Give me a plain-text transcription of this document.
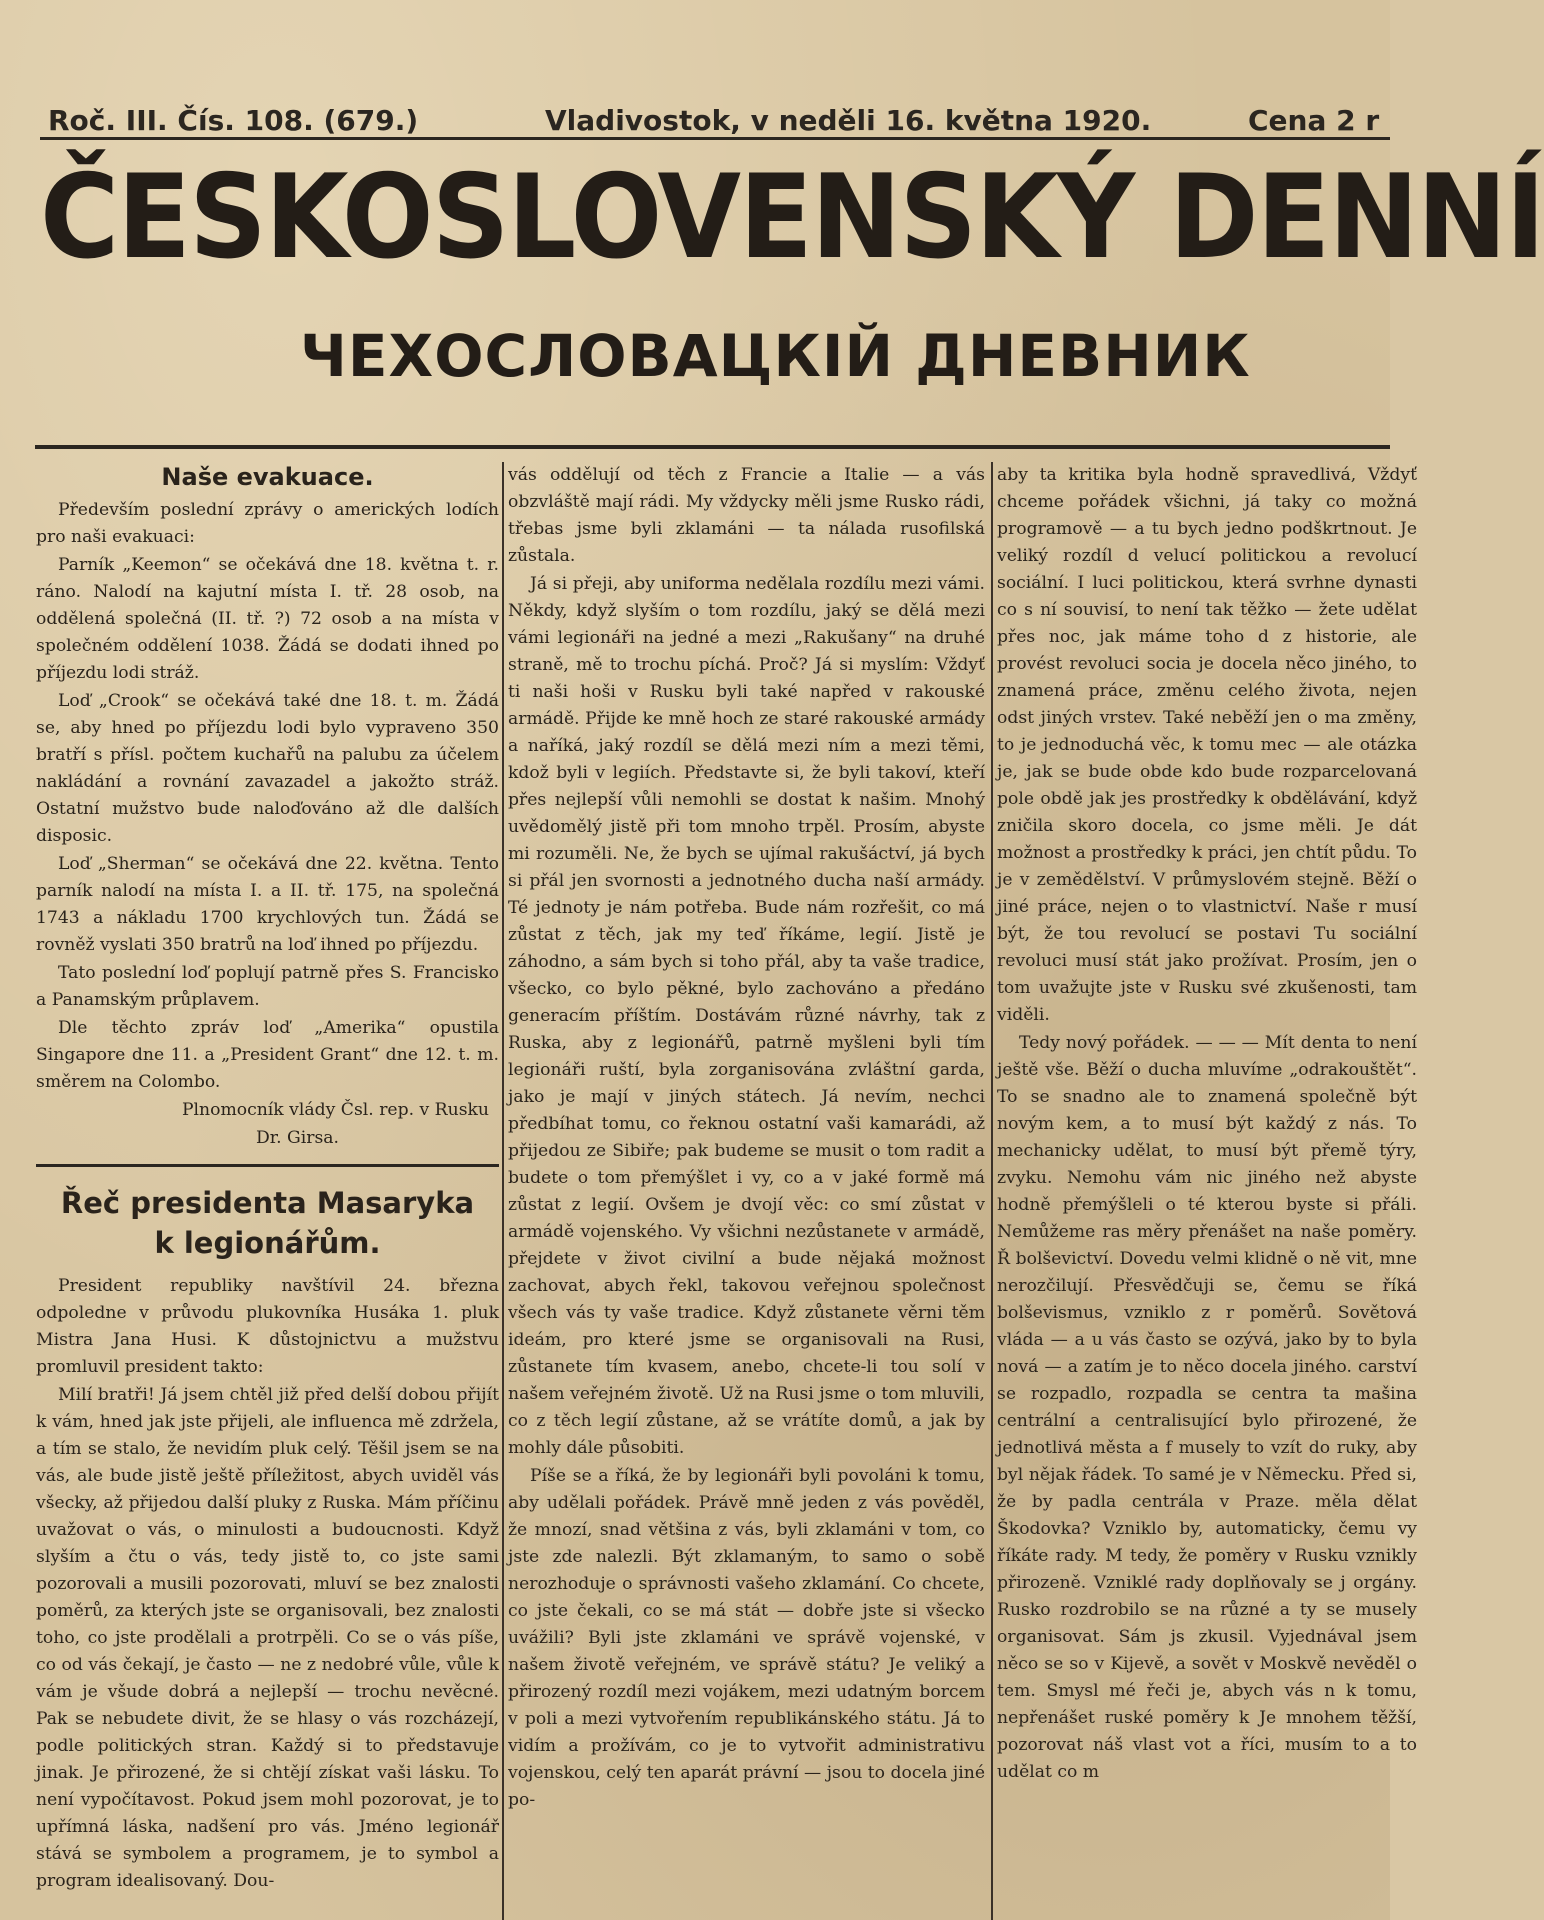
Roč. III. Čís. 108. (679.)	Vladivostok, v neděli 16. května 1920.	Cena 2 r
ČESKOSLOVENSKÝ DENNÍ
ЧЕХОСЛОВАЦКІЙ ДНЕВНИК
Naše evakuace.

Především poslední zprávy o amerických lodích pro naši evakuaci:

Parník „Keemon“ se očekává dne 18. května t. r. ráno. Nalodí na kajutní místa I. tř. 28 osob, na oddělená společná (II. tř. ?) 72 osob a na místa v společném oddělení 1038. Žádá se dodati ihned po příjezdu lodi stráž.

Loď „Crook“ se očekává také dne 18. t. m. Žádá se, aby hned po příjezdu lodi bylo vypraveno 350 bratří s přísl. počtem kuchařů na palubu za účelem nakládání a rovnání zavazadel a jakožto stráž. Ostatní mužstvo bude naloďováno až dle dalších disposic.

Loď „Sherman“ se očekává dne 22. května. Tento parník nalodí na místa I. a II. tř. 175, na společná 1743 a nákladu 1700 krychlových tun. Žádá se rovněž vyslati 350 bratrů na loď ihned po příjezdu.

Tato poslední loď poplují patrně přes S. Francisko a Panamským průplavem.

Dle těchto zpráv loď „Amerika“ opustila Singapore dne 11. a „President Grant“ dne 12. t. m. směrem na Colombo.

Plnomocník vlády Čsl. rep. v Rusku

Dr. Girsa.

Řeč presidenta Masaryka
k legionářům.

President republiky navštívil 24. března odpoledne v průvodu plukovníka Husáka 1. pluk Mistra Jana Husi. K důstojnictvu a mužstvu promluvil president takto:

Milí bratři! Já jsem chtěl již před delší dobou přijít k vám, hned jak jste přijeli, ale influenca mě zdržela, a tím se stalo, že nevidím pluk celý. Těšil jsem se na vás, ale bude jistě ještě příležitost, abych uviděl vás všecky, až přijedou další pluky z Ruska. Mám příčinu uvažovat o vás, o minulosti a budoucnosti. Když slyším a čtu o vás, tedy jistě to, co jste sami pozorovali a musili pozorovati, mluví se bez znalosti poměrů, za kterých jste se organisovali, bez znalosti toho, co jste prodělali a protrpěli. Co se o vás píše, co od vás čekají, je často — ne z nedobré vůle, vůle k vám je všude dobrá a nejlepší — trochu nevěcné. Pak se nebudete divit, že se hlasy o vás rozcházejí, podle politických stran. Každý si to představuje jinak. Je přirozené, že si chtějí získat vaši lásku. To není vypočítavost. Pokud jsem mohl pozorovat, je to upřímná láska, nadšení pro vás. Jméno legionář stává se symbolem a programem, je to symbol a program idealisovaný. Dou-

vás oddělují od těch z Francie a Italie — a vás obzvláště mají rádi. My vždycky měli jsme Rusko rádi, třebas jsme byli zklamáni — ta nálada rusofilská zůstala.

Já si přeji, aby uniforma nedělala rozdílu mezi vámi. Někdy, když slyším o tom rozdílu, jaký se dělá mezi vámi legionáři na jedné a mezi „Rakušany“ na druhé straně, mě to trochu píchá. Proč? Já si myslím: Vždyť ti naši hoši v Rusku byli také napřed v rakouské armádě. Přijde ke mně hoch ze staré rakouské armády a naříká, jaký rozdíl se dělá mezi ním a mezi těmi, kdož byli v legiích. Představte si, že byli takoví, kteří přes nejlepší vůli nemohli se dostat k našim. Mnohý uvědomělý jistě při tom mnoho trpěl. Prosím, abyste mi rozuměli. Ne, že bych se ujímal rakušáctví, já bych si přál jen svornosti a jednotného ducha naší armády. Té jednoty je nám potřeba. Bude nám rozřešit, co má zůstat z těch, jak my teď říkáme, legií. Jistě je záhodno, a sám bych si toho přál, aby ta vaše tradice, všecko, co bylo pěkné, bylo zachováno a předáno generacím příštím. Dostávám různé návrhy, tak z Ruska, aby z legionářů, patrně myšleni byli tím legionáři ruští, byla zorganisována zvláštní garda, jako je mají v jiných státech. Já nevím, nechci předbíhat tomu, co řeknou ostatní vaši kamarádi, až přijedou ze Sibiře; pak budeme se musit o tom radit a budete o tom přemýšlet i vy, co a v jaké formě má zůstat z legií. Ovšem je dvojí věc: co smí zůstat v armádě vojenského. Vy všichni nezůstanete v armádě, přejdete v život civilní a bude nějaká možnost zachovat, abych řekl, takovou veřejnou společnost všech vás ty vaše tradice. Když zůstanete věrni těm ideám, pro které jsme se organisovali na Rusi, zůstanete tím kvasem, anebo, chcete-li tou solí v našem veřejném životě. Už na Rusi jsme o tom mluvili, co z těch legií zůstane, až se vrátíte domů, a jak by mohly dále působiti.

Píše se a říká, že by legionáři byli povoláni k tomu, aby udělali pořádek. Právě mně jeden z vás pověděl, že mnozí, snad většina z vás, byli zklamáni v tom, co jste zde nalezli. Být zklamaným, to samo o sobě nerozhoduje o správnosti vašeho zklamání. Co chcete, co jste čekali, co se má stát — dobře jste si všecko uvážili? Byli jste zklamáni ve správě vojenské, v našem životě veřejném, ve správě státu? Je veliký a přirozený rozdíl mezi vojákem, mezi udatným borcem v poli a mezi vytvořením republikánského státu. Já to vidím a prožívám, co je to vytvořit administrativu vojenskou, celý ten aparát právní — jsou to docela jiné po-

aby ta kritika byla hodně spravedlivá, Vždyť chceme pořádek všichni, já taky co možná programově — a tu bych jedno podškrtnout. Je veliký rozdíl d velucí politickou a revolucí sociální. I luci politickou, která svrhne dynasti co s ní souvisí, to není tak těžko — žete udělat přes noc, jak máme toho d z historie, ale provést revoluci socia je docela něco jiného, to znamená práce, změnu celého života, nejen odst jiných vrstev. Také neběží jen o ma změny, to je jednoduchá věc, k tomu mec — ale otázka je, jak se bude obde kdo bude rozparcelovaná pole obdě jak jes prostředky k obdělávání, když zničila skoro docela, co jsme měli. Je dát možnost a prostředky k práci, jen chtít půdu. To je v zemědělství. V průmyslovém stejně. Běží o jiné práce, nejen o to vlastnictví. Naše r musí být, že tou revolucí se postavi Tu sociální revoluci musí stát jako prožívat. Prosím, jen o tom uvažujte jste v Rusku své zkušenosti, tam viděli.

Tedy nový pořádek. — — — Mít denta to není ještě vše. Běží o ducha mluvíme „odrakouštět“. To se snadno ale to znamená společně být novým kem, a to musí být každý z nás. To mechanicky udělat, to musí být přemě týry, zvyku. Nemohu vám nic jiného než abyste hodně přemýšleli o té kterou byste si přáli. Nemůžeme ras měry přenášet na naše poměry. Ř bolševictví. Dovedu velmi klidně o ně vit, mne nerozčilují. Přesvědčuji se, čemu se říká bolševismus, vzniklo z r poměrů. Sovětová vláda — a u vás často se ozývá, jako by to byla nová — a zatím je to něco docela jiného. carství se rozpadlo, rozpadla se centra ta mašina centrální a centralisující bylo přirozené, že jednotlivá města a f musely to vzít do ruky, aby byl nějak řádek. To samé je v Německu. Před si, že by padla centrála v Praze. měla dělat Škodovka? Vzniklo by, automaticky, čemu vy říkáte rady. M tedy, že poměry v Rusku vznikly přirozeně. Vzniklé rady doplňovaly se j orgány. Rusko rozdrobilo se na různé a ty se musely organisovat. Sám js zkusil. Vyjednával jsem něco se so v Kijevě, a sovět v Moskvě nevěděl o tem. Smysl mé řeči je, abych vás n k tomu, nepřenášet ruské poměry k Je mnohem těžší, pozorovat náš vlast vot a říci, musím to a to udělat co m
